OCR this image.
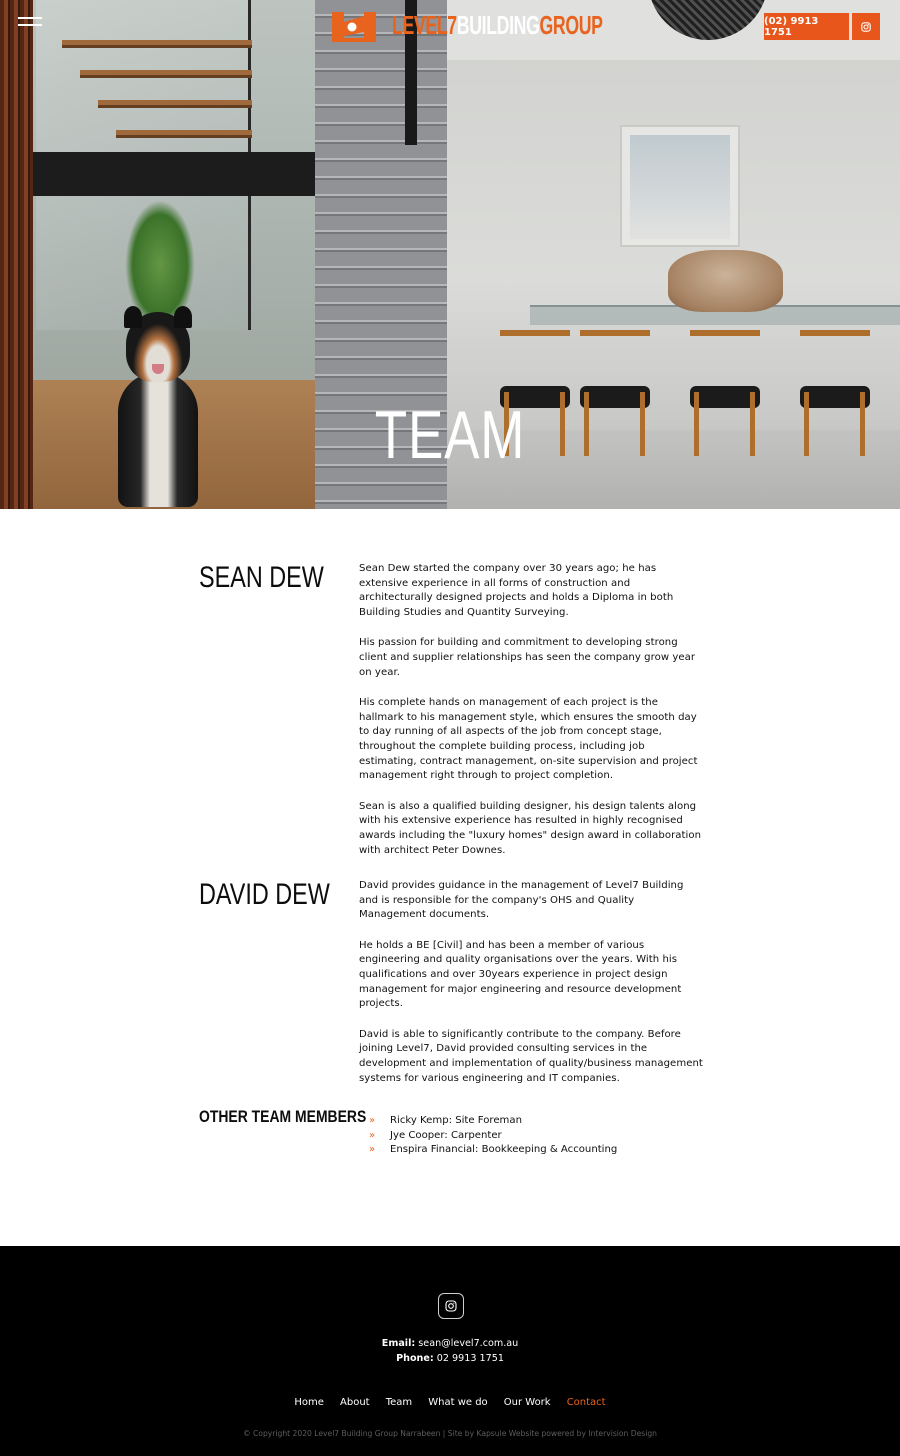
TEAM
LEVEL7BUILDINGGROUP	(02) 9913 1751
SEAN DEW	Sean Dew started the company over 30 years ago; he has extensive experience in all forms of construction and architecturally designed projects and holds a Diploma in both Building Studies and Quantity Surveying.

His passion for building and commitment to developing strong client and supplier relationships has seen the company grow year on year.

His complete hands on management of each project is the hallmark to his management style, which ensures the smooth day to day running of all aspects of the job from concept stage, throughout the complete building process, including job estimating, contract management, on-site supervision and project management right through to project completion.

Sean is also a qualified building designer, his design talents along with his extensive experience has resulted in highly recognised awards including the "luxury homes" design award in collaboration with architect Peter Downes.

DAVID DEW	David provides guidance in the management of Level7 Building and is responsible for the company's OHS and Quality Management documents.

He holds a BE [Civil] and has been a member of various engineering and quality organisations over the years. With his qualifications and over 30years experience in project design management for major engineering and resource development projects.

David is able to significantly contribute to the company. Before joining Level7, David provided consulting services in the development and implementation of quality/business management systems for various engineering and IT companies.

OTHER TEAM MEMBERS » Ricky Kemp: Site Foreman
» Jye Cooper: Carpenter
» Enspira Financial: Bookkeeping & Accounting
Email: sean@level7.com.au
Phone: 02 9913 1751
Home About Team What we do Our Work Contact
© Copyright 2020 Level7 Building Group Narrabeen | Site by Kapsule Website powered by Intervision Design
